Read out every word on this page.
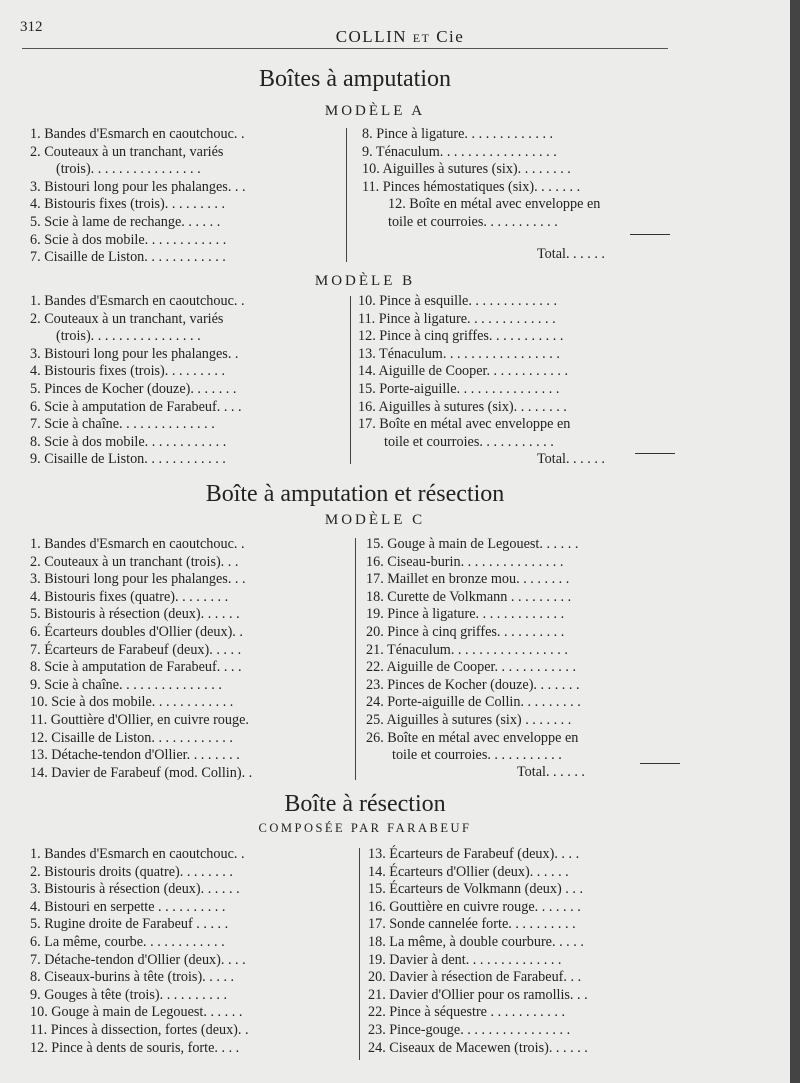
312	COLLIN ET Cie
Boîtes à amputation
MODÈLE A
1. Bandes d'Esmarch en caoutchouc. .
2. Couteaux à un tranchant, variés
(trois). . . . . . . . . . . . . . . .
3. Bistouri long pour les phalanges. . .
4. Bistouris fixes (trois). . . . . . . . .
5. Scie à lame de rechange. . . . . .
6. Scie à dos mobile. . . . . . . . . . . .
7. Cisaille de Liston. . . . . . . . . . . .
8. Pince à ligature. . . . . . . . . . . . .
9. Ténaculum. . . . . . . . . . . . . . . . .
10. Aiguilles à sutures (six). . . . . . . .
11. Pinces hémostatiques (six). . . . . . .
12. Boîte en métal avec enveloppe en
toile et courroies. . . . . . . . . . .
Total. . . . . .
MODÈLE B
1. Bandes d'Esmarch en caoutchouc. .
2. Couteaux à un tranchant, variés
(trois). . . . . . . . . . . . . . . .
3. Bistouri long pour les phalanges. .
4. Bistouris fixes (trois). . . . . . . . .
5. Pinces de Kocher (douze). . . . . . .
6. Scie à amputation de Farabeuf. . . .
7. Scie à chaîne. . . . . . . . . . . . . .
8. Scie à dos mobile. . . . . . . . . . . .
9. Cisaille de Liston. . . . . . . . . . . .
10. Pince à esquille. . . . . . . . . . . . .
11. Pince à ligature. . . . . . . . . . . . .
12. Pince à cinq griffes. . . . . . . . . . .
13. Ténaculum. . . . . . . . . . . . . . . . .
14. Aiguille de Cooper. . . . . . . . . . . .
15. Porte-aiguille. . . . . . . . . . . . . . .
16. Aiguilles à sutures (six). . . . . . . .
17. Boîte en métal avec enveloppe en
toile et courroies. . . . . . . . . . .
Total. . . . . .
Boîte à amputation et résection
MODÈLE C
1. Bandes d'Esmarch en caoutchouc. .
2. Couteaux à un tranchant (trois). . .
3. Bistouri long pour les phalanges. . .
4. Bistouris fixes (quatre). . . . . . . .
5. Bistouris à résection (deux). . . . . .
6. Écarteurs doubles d'Ollier (deux). .
7. Écarteurs de Farabeuf (deux). . . . .
8. Scie à amputation de Farabeuf. . . .
9. Scie à chaîne. . . . . . . . . . . . . . .
10. Scie à dos mobile. . . . . . . . . . . .
11. Gouttière d'Ollier, en cuivre rouge.
12. Cisaille de Liston. . . . . . . . . . . .
13. Détache-tendon d'Ollier. . . . . . . .
14. Davier de Farabeuf (mod. Collin). .
15. Gouge à main de Legouest. . . . . .
16. Ciseau-burin. . . . . . . . . . . . . . .
17. Maillet en bronze mou. . . . . . . .
18. Curette de Volkmann . . . . . . . . .
19. Pince à ligature. . . . . . . . . . . . .
20. Pince à cinq griffes. . . . . . . . . .
21. Ténaculum. . . . . . . . . . . . . . . . .
22. Aiguille de Cooper. . . . . . . . . . . .
23. Pinces de Kocher (douze). . . . . . .
24. Porte-aiguille de Collin. . . . . . . . .
25. Aiguilles à sutures (six) . . . . . . .
26. Boîte en métal avec enveloppe en
toile et courroies. . . . . . . . . . .
Total. . . . . .
Boîte à résection
COMPOSÉE PAR FARABEUF
1. Bandes d'Esmarch en caoutchouc. .
2. Bistouris droits (quatre). . . . . . . .
3. Bistouris à résection (deux). . . . . .
4. Bistouri en serpette . . . . . . . . . .
5. Rugine droite de Farabeuf . . . . .
6. La même, courbe. . . . . . . . . . . .
7. Détache-tendon d'Ollier (deux). . . .
8. Ciseaux-burins à tête (trois). . . . .
9. Gouges à tête (trois). . . . . . . . . .
10. Gouge à main de Legouest. . . . . .
11. Pinces à dissection, fortes (deux). .
12. Pince à dents de souris, forte. . . .
13. Écarteurs de Farabeuf (deux). . . .
14. Écarteurs d'Ollier (deux). . . . . .
15. Écarteurs de Volkmann (deux) . . .
16. Gouttière en cuivre rouge. . . . . . .
17. Sonde cannelée forte. . . . . . . . . .
18. La même, à double courbure. . . . .
19. Davier à dent. . . . . . . . . . . . . .
20. Davier à résection de Farabeuf. . .
21. Davier d'Ollier pour os ramollis. . .
22. Pince à séquestre . . . . . . . . . . .
23. Pince-gouge. . . . . . . . . . . . . . . .
24. Ciseaux de Macewen (trois). . . . . .
